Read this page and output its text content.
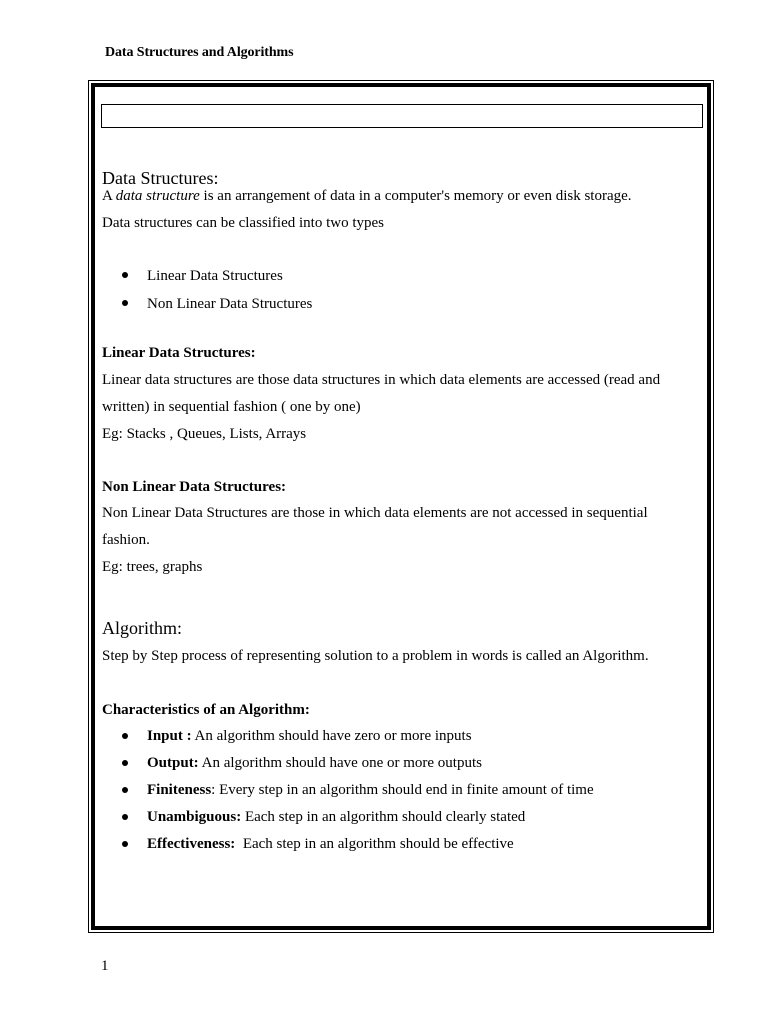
Data Structures and Algorithms
Introduction to Data Structures
Data Structures:
A data structure is an arrangement of data in a computer's memory or even disk storage.
Data structures can be classified into two types
Linear Data Structures
Non Linear Data Structures
Linear Data Structures:
Linear data structures are those data structures in which data elements are accessed (read and
written) in sequential fashion ( one by one)
Eg: Stacks , Queues, Lists, Arrays
Non Linear Data Structures:
Non Linear Data Structures are those in which data elements are not accessed in sequential
fashion.
Eg: trees, graphs
Algorithm:
Step by Step process of representing solution to a problem in words is called an Algorithm.
Characteristics of an Algorithm:
Input : An algorithm should have zero or more inputs
Output: An algorithm should have one or more outputs
Finiteness: Every step in an algorithm should end in finite amount of time
Unambiguous: Each step in an algorithm should clearly stated
Effectiveness:  Each step in an algorithm should be effective
1
